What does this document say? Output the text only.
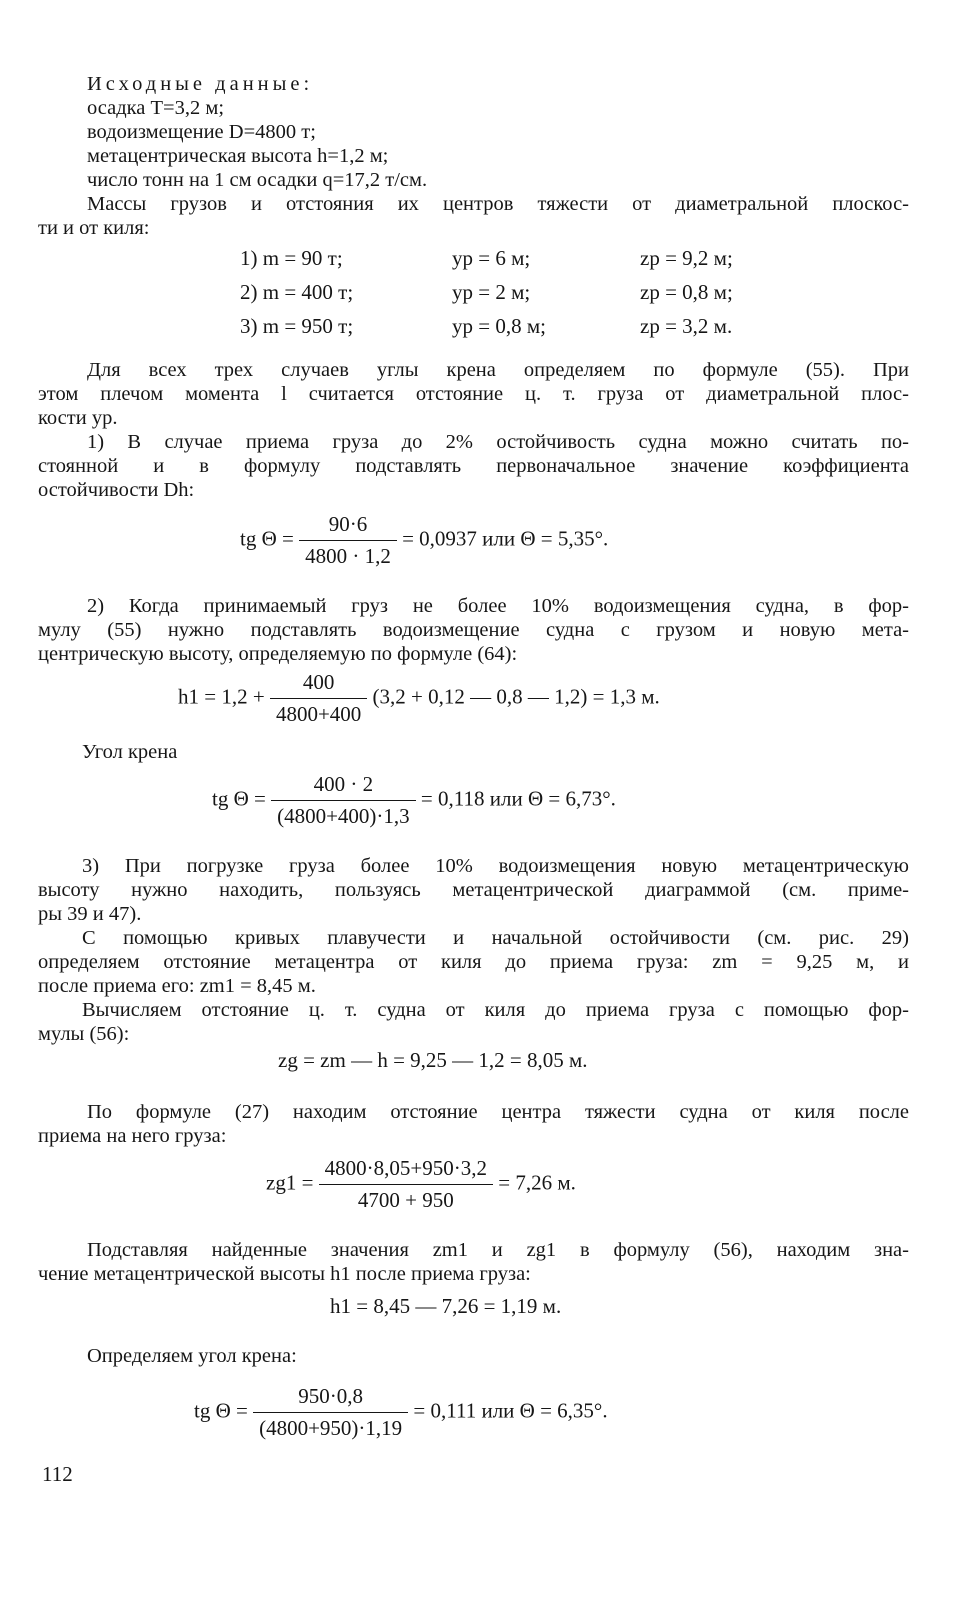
Исходные данные:
осадка T=3,2 м;
водоизмещение D=4800 т;
метацентрическая высота h=1,2 м;
число тонн на 1 см осадки q=17,2 т/см.
Массы грузов и отстояния их центров тяжести от диаметральной плоскос-
ти и от киля:
1) m = 90 т;	yp = 6 м;	zp = 9,2 м;
2) m = 400 т;	yp = 2 м;	zp = 0,8 м;
3) m = 950 т;	yp = 0,8 м;	zp = 3,2 м.
Для всех трех случаев углы крена определяем по формуле (55). При
этом плечом момента l считается отстояние ц. т. груза от диаметральной плос-
кости yp.
1) В случае приема груза до 2% остойчивость судна можно считать по-
стоянной и в формулу подставлять первоначальное значение коэффициента
остойчивости Dh:
tg $\Theta = \frac{90\cdot 6}{4800 \cdot 1,2} = 0,0937$ или Θ = 5,35°.
2) Когда принимаемый груз не более 10% водоизмещения судна, в фор-
мулу (55) нужно подставлять водоизмещение судна с грузом и новую мета-
центрическую высоту, определяемую по формуле (64):
$h1 = 1,2 + \frac{400}{4800+400} (3,2 + 0,12$ — 0,8 — 1,2) = 1,3 м.
Угол крена
tg $\Theta = \frac{400 \cdot 2}{(4800+400)\cdot 1,3} = 0,118$ или Θ = 6,73°.
3) При погрузке груза более 10% водоизмещения новую метацентрическую
высоту нужно находить, пользуясь метацентрической диаграммой (см. приме-
ры 39 и 47).
С помощью кривых плавучести и начальной остойчивости (см. рис. 29)
определяем отстояние метацентра от киля до приема груза: zm = 9,25 м, и
после приема его: zm1 = 8,45 м.
Вычисляем отстояние ц. т. судна от киля до приема груза с помощью фор-
мулы (56):
zg = zm — h = 9,25 — 1,2 = 8,05 м.
По формуле (27) находим отстояние центра тяжести судна от киля после
приема на него груза:
$zg1 = \frac{4800\cdot 8,05+950\cdot 3,2}{4700 + 950} = 7,26$ м.
Подставляя найденные значения zm1 и zg1 в формулу (56), находим зна-
чение метацентрической высоты h1 после приема груза:
h1 = 8,45 — 7,26 = 1,19 м.
Определяем угол крена:
tg $\Theta = \frac{950\cdot 0,8}{(4800+950)\cdot 1,19} = 0,111$ или Θ = 6,35°.
112
